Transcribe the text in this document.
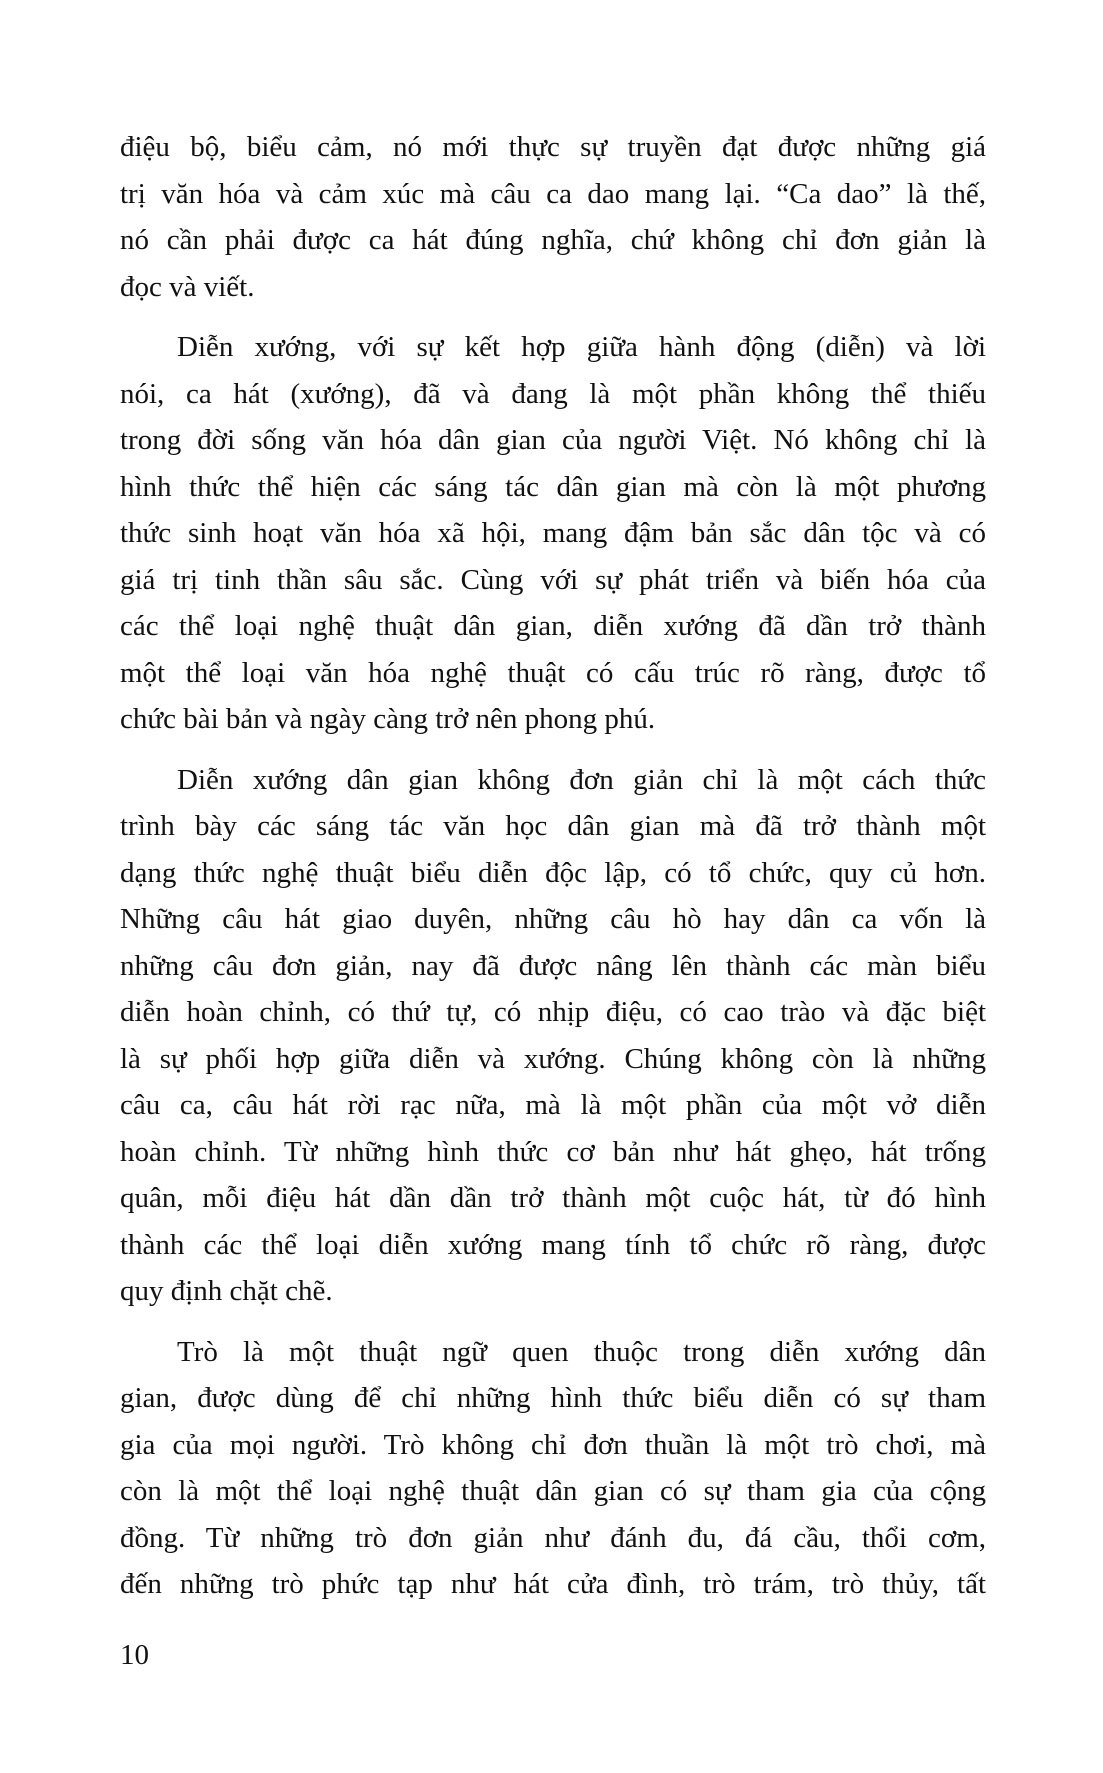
điệu bộ, biểu cảm, nó mới thực sự truyền đạt được những giá
trị văn hóa và cảm xúc mà câu ca dao mang lại. “Ca dao” là thế,
nó cần phải được ca hát đúng nghĩa, chứ không chỉ đơn giản là
đọc và viết.
Diễn xướng, với sự kết hợp giữa hành động (diễn) và lời
nói, ca hát (xướng), đã và đang là một phần không thể thiếu
trong đời sống văn hóa dân gian của người Việt. Nó không chỉ là
hình thức thể hiện các sáng tác dân gian mà còn là một phương
thức sinh hoạt văn hóa xã hội, mang đậm bản sắc dân tộc và có
giá trị tinh thần sâu sắc. Cùng với sự phát triển và biến hóa của
các thể loại nghệ thuật dân gian, diễn xướng đã dần trở thành
một thể loại văn hóa nghệ thuật có cấu trúc rõ ràng, được tổ
chức bài bản và ngày càng trở nên phong phú.
Diễn xướng dân gian không đơn giản chỉ là một cách thức
trình bày các sáng tác văn học dân gian mà đã trở thành một
dạng thức nghệ thuật biểu diễn độc lập, có tổ chức, quy củ hơn.
Những câu hát giao duyên, những câu hò hay dân ca vốn là
những câu đơn giản, nay đã được nâng lên thành các màn biểu
diễn hoàn chỉnh, có thứ tự, có nhịp điệu, có cao trào và đặc biệt
là sự phối hợp giữa diễn và xướng. Chúng không còn là những
câu ca, câu hát rời rạc nữa, mà là một phần của một vở diễn
hoàn chỉnh. Từ những hình thức cơ bản như hát ghẹo, hát trống
quân, mỗi điệu hát dần dần trở thành một cuộc hát, từ đó hình
thành các thể loại diễn xướng mang tính tổ chức rõ ràng, được
quy định chặt chẽ.
Trò là một thuật ngữ quen thuộc trong diễn xướng dân
gian, được dùng để chỉ những hình thức biểu diễn có sự tham
gia của mọi người. Trò không chỉ đơn thuần là một trò chơi, mà
còn là một thể loại nghệ thuật dân gian có sự tham gia của cộng
đồng. Từ những trò đơn giản như đánh đu, đá cầu, thổi cơm,
đến những trò phức tạp như hát cửa đình, trò trám, trò thủy, tất
10
